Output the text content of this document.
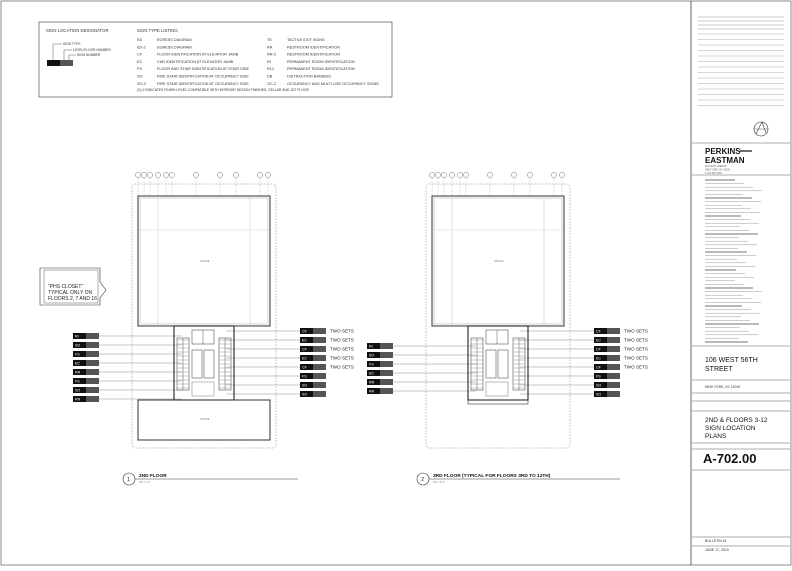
SIGN LOCATION DESIGNATOR	SIGN TYPE LISTING
SIGN TYPE
LEVEL/FLOOR NUMBER
SIGN NUMBER
ED	EGRESS DIAGRAM
ED-2	EGRESS DIAGRAM
CF	FLOOR IDENTIFICATION AT ELEVATOR JAMB
EC	CAR IDENTIFICATION AT ELEVATOR JAMB
FS	FLOOR AND STAIR IDENTIFICATION AT STAIR SIDE
SO	FIRE STAIR IDENTIFICATION AT OCCUPANCY SIDE
SO-2	FIRE STAIR IDENTIFICATION AT OCCUPANCY SIDE
TE	TACTILE EXIT SIGNS
RR	RESTROOM IDENTIFICATION
RR-2	RESTROOM IDENTIFICATION
RI	PERMANENT ROOM IDENTIFICATION
RI-2	PERMANENT ROOM IDENTIFICATION
DB	DISTRACTION BANDING
OC-2	OCCUPANCY AND MULTI-USE OCCUPANCY SIGNS
(X)-2 INDICATES FINISH LEVEL COMPATIBLE WITH INTERIOR DESIGN FINISHES, CELLAR AND 1ST FLOOR
OFFICE
OFFICE
RI
SO
FS
EC
RR
FS
SO
RR
CF	TWO SETS
EC	TWO SETS
CF	TWO SETS
EC	TWO SETS
CF	TWO SETS
FS
SO
SO
1
2ND FLOOR
1/8" = 1'-0"
OFFICE
RI
SO
FS
EC
RR
RR
CF	TWO SETS
EC	TWO SETS
CF	TWO SETS
EC	TWO SETS
CF	TWO SETS
FS
SO
SO
2
3RD FLOOR (TYPICAL FOR FLOORS 3RD TO 12TH)
1/8" = 1'-0"
"PHS CLOSET"
TYPICAL ONLY ON
FLOORS 2, 7 AND 16
PERKINS
EASTMAN
115 FIFTH AVENUE
NEW YORK, NY 10003
T 212 353 7200
106 WEST 56TH
STREET
NEW YORK, NY 10019
2ND & FLOORS 3-12
SIGN LOCATION
PLANS
A-702.00
BULLETIN #1
JUNE 17, 2019
